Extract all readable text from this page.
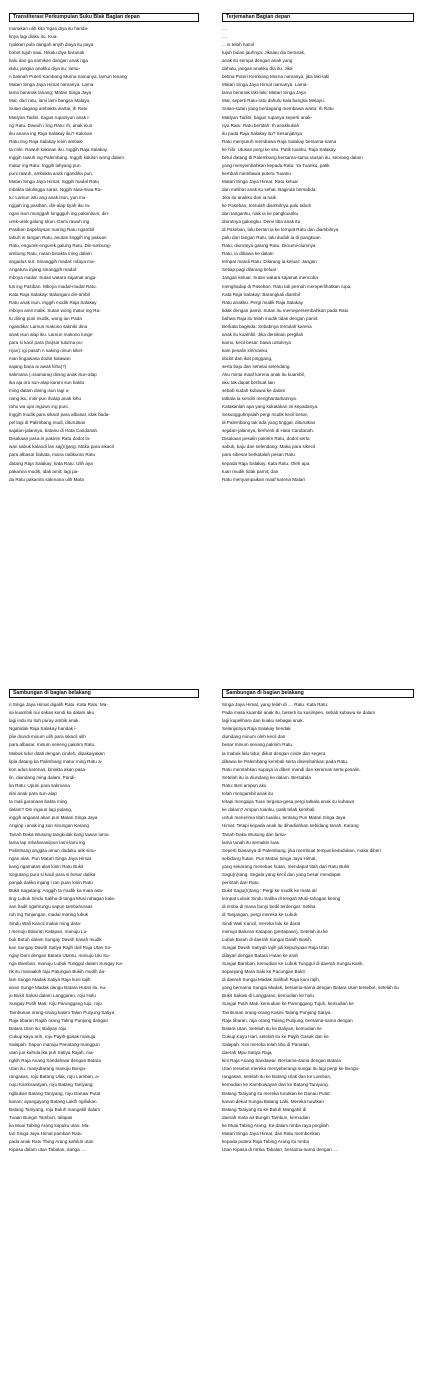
Transliterasi Perkumpulan Suku Blak Bagian depan
manakan ulih kita 'ngan diya itu handa-
knya lagi diaku itu. Kua-
njukkan pula dangah anyih diaya itu paya
bobot tujuh saai. Hikalu diya baranak
kalu dan ga samikan dangan anak nga
dulu, jangan anakku diya itu; lamu-
n batinah Puteri Kambang Murna namanya, lamun tenang
Matari Singa Jaya Himat namanya. Lama
lama baranak lanang; Matari Singa Jaya
Mat, dari ratu, lami lami bangsa Malayu,
Sutan dagang ambakta wartar, ih Ratu
Matiyan Tadini, bagus rupaniyun anak i-
ng Ratu. Dawuh i ling Ratu: Ih, anak isun
iku anana ing Raja Salakay iku? Kakinan
Ratu ring Raja Salakay kinin ambak-
ta mile. Rawuh kakinan iku. Inggih Raja Salakay.
Inggih rawuh ing Palembang. Inggih kakinin wong dalam
matur ing Ratu: Inggih lahyang pun
puni rawuh, ambakta anak ngandika pun,
Matari Singa Jaya Himat, Inggih madal Ratu
mbakta talulingga saras. Nggih siwa-siwa Ra-
tu: Lamun istu ang anak isun, yan mu-
nggah ing pasiban, din-alap tiyah iku ra-
ngan isun munggah lunggguh ing pakonisun, din-
urek-urek galung nkun. Dami rawuh ing
Pasiban bapelaysan maring Ratu ngambil
tabuh in tangan Ratu, anutan linggih ing pakuan
Ratu, engurek-engurek galung Ratu. Din-ambung-
ambung Ratu, nutan binakta ming dalam
angadus sut. Sinanggih madal: ndaya ma-
Angatura injang sinanggih madal:
mboya madal. Sutan watara sajamat anga-
tus ing Pasiban. Mboya madal-madal Ratu.
Kata Raja Salakay: Balangani din-ambil
Ratu anak isun. Inggih mudik Raja Salakay
mboya amit malik. Sutan wong matur ing Ra-
tu diring puni mudik, wong ian Pada
ngandika: Lamun makono sakniki dina
anak isun alap iku. Lamun makono lunge
para si kacil para (ba)sar tuturna pu-
n(an): igi pasah n saking ninun kikiri-
man lingawasa dodot kalawan
sajang bana ai awak kiha(?)
sakmana (=isamana) dining anak isun-alap
ika aja ora sun-alap karani sun bakta
ming dalam dining isun lagi u-
nang iku, mitir pun ihalap anak kihu
rahu wa ujar inguwn ing puni.
Inggih mudik para sikacil para albasar, idak bada-
pel lagi di Palimbang mudi, diturutkan
sajalan-jalannya, batanu di Hata Candanah.
Disakaan pasa.ln pakirim Ratu dodot la-
wan sabuk kalandi lan saj(n)jang. Maka para sikacil
para albasar bakata, mana radikuran Ratu
datang Raja Salakay; kata Ratu: Ulih aya
pakanira mudik, idak amit: lagi pa-
da Ratu pakanira sakmana ulih Mata
Terjemahan Bagian depan
....
....
... is telah hamil
tujuh bulan jauhnya. Jikalau dia beranak,
anak itu serupa dengan anak yang
dahulu, jangan anakku dia itu. Jika
betina Puteri Kembang Murna namanya, jika laki-laki
Matari Singa Jaya Himat namanya. Lama-
lama beranak laki-laki; Matari Singa Jaya
Mat, seperti Ratu-ratu dahulu kala bangsa Melayu.
Sutan-sutan yang berdagang membawa warta: Ih Ratu
Matiyan Tadini, bagus rupanya seperti anak-
nya Ratu. Ratu bertitah: Ih anakkukah
itu pada Raja Salakay itu? Sesanjatnya
Ratu menyuruh membawa Raja Salakay bersama-sama
ke hilir. Utusan pergi ke situ. Patik tuanku, Raja Salakay
betul datang di Palembang bersama-sama utusan itu, seorang dalam
yang menyembahkan kepada Ratu: Ya Tuanku, patik
kembali membawa putera Tuanku
Matari Singa Jaya Himat. Ratu keluar
dan melihat anak itu sehat. Baginda bersabda:
Jika itu anakku dan ia naik
ke Paseban, tentulah diambilnya palu tabuh
dari tanganku, naik ia ke pangkuanku
diurutnya galungku. Demi tiba anak itu
di Paseban, lalu berlari ia ke tempat Ratu dan diambilnya
palu dari tangan Ratu, lalu duduk ia di pangkuan
Ratu, diurutnya galung Ratu. Diciumi-ciumnya
Ratu, ia dibawa ke dalam
tempat mandi Ratu. Dilarang ia keluar: Jangan
Setiap pagi dilarang keluar:
Jangan keluar. Sutan watara sajamat mencoba
menghadap di Paseban. Ratu tak pernah memperlihatkan rupa.
Kata Raja Salakay: Barangkali diambil
Ratu anakku. Pergi mudik Raja Salakay
tidak dengan pamit. Sutan itu memepersembahkan pada Ratu
bahwa Raja itu telah mudik tidak dengan pamit.
Berkata baginda: Sebabnya tentulah karena
anak itu kuambil. Jika demikian pergilah
kamu, kecil besar, bawa untuknya
kain pesalin kirimanku,
dodot dan ikat pinggang,
serta baju dan sehelai selendang.
Aku minta maaf karena anak itu kuambil,
aku tak dapat berbuat lain
sebab sudah kubawa ke dalam
tatkala ia sendiri menghantarkannya.
Katakanlah apa yang kukatakan ini kepadanya.
Sesungguhnyalah pergi mudik kecil besar,
di Palembang tak ada yang tinggal, diturutkan
sejalan-jalannya, berhenti di Hata Candanah.
Disakaan pesalin pakirim Ratu, dodot serta
sabuk, baju dan selendang. Maka para sikecil
para sibesar berkatalah pesan Ratu
kepada Raja Salakay. Kata Ratu: Oleh apa
tuan mudik tidak pamit; dan
Ratu menyampaikan maaf karena Matari
Sambungan di bagian belakang
ri Singa Jaya Himat digalih Ratu. Kata Ratu: Ma-
sa kuambik nui sakan kundi ka dalam aku
lagi indu itu ituh puray ambik anak.
Ngahidak Raja Salakay handak i-
plie diundi minum ulih para sikacil ulih
para albasar, minum seneng pakirim Ratu.
Mabuk tidur ditati dengan cindeh, dipakaiyakan
lipla datang ka Palimbang matur ming Ratu a-
kon adus karenas, binakta akan pasa-
lin, diundang ming dalam. Pandi-
ka Ratu: Upuni para sakmana
dini anak para sun-alap
ta mali garanaan bakta ming
dalam? Din inguun lagi pulang,
inggih anganat akan pun Matari Singa Jaya
Anginp i anak ing san sinungan Karang
Tanah Daka Wusung tangkulak kang tawan lama
lama lap mbaharaniipun lami-lami ing
Palimbang anggita amun dadaku arik sinu-
ngan alas. Pun Matari Singa Jaya Himat
kang ngamatas alas kinin Ratu Bukit
Segutang pura si kacil para si besar dalika
panjak dalika injang i ran puan kinin Ratu
Bukit Sagutang: Anggih ta mudik ka mata asa-
ting Lubuk Sindu Saliha di tanga Musi rahagan kala-
san badil ngahrungu sapun tambahuraas
ruh ing Tanjangan, madal maring lubuk
Sindu Wali Kancil malas ming dara-
t menuju Baluran Katapan, manuju Lu-
buk Butuh dalam Sungay Dawih basah mudik
kan Sungay Dawih Satiya Rajih dull Raja Utan Su-
ngay Dani dengan Batara Utantu, manuju Ulu Su-
nga Bamban, manuju Lubuk Tunggul dalam Sungay Ka-
rik itu manaakih raju Patungan Bukih mudih da-
lam Sunge Madak Satiya Raja kuni rajih
anan Sunge Madak dangu Batara Hutan itu, nu-
ju Bukit Salusi dalam Langgaran, roju Hulu
Sungay Putih Mati, roju Parunggang tuju, roju
Tambunan orang-orang kasini Talan Punjung Satiya
Raja tibaran Rajah orang Taling Punjung dangan
Batara Utan itu; Baliyan roju
Cukup kayu.arih, roju Payih-gasak manuju
Salapah. Sapun manuju Panatang-manggun
utan jun kahula ika puh Satiya Rajah, ma-
ngkih Raja Anang Sandahwar dengan Batara
Utan itu, manjubarang manuju Bungu-
rangasan, roju Batang Ulak, roju Lamban, a-
nuju Kambuwayan, roju Batang Taniyang;
ngiliukan Batang Taniyang, roju Danaw Putat
kanan; ayangayang Batang Lakih ngiliukan
Batang Taniyang, roju Buluh mangahil dalam
Tuaan Bungin Tambun, talapas
ka Muai Tabing Arang kapuku utan. Ma-
tari Singa Jaya Himat pambari Ratu
pada anak Ratu Tbing Arang kahiluh utan
Kipasa dalam utan Tabalan, danga ....
Sambungan di bagian belakang
Singa Jaya Himat, yang telah di .... Ratu. Kata Ratu:
Pada masa kuambil anak itu, beserti itu kusimpen, sebab kubawa ke dalam
lagi kupelihara dan kuaku sebagai anak.
Selanjutnya Raja Salakay hendak
diundang minum oleh kecil dan
besar minum senang pakirim Ratu.
la mabuk lalu tidur, diikat dengan cinde dan segera
dibawa ke Palembang kembali serta disembahkan pada Ratu.
Ratu memtahkan supaya ia diberi mandi dan keramas serta pesalin.
Setelah itu ia diundang ke dalam. Bersabda
Ratu: Beri ampun aku
telah mengambil anak itu
tetapi mengapa Tuan tergesa-gesa pergi tatkala anak itu kubawa
ke dalam? Ampun tuanku, patik telah kembali
untuk menerima titah tuanku, tentang Pun Matari Singa Jaya
Himat. Tetapi kepada anak itu dihadiahkan sebidang tanah. Karang
Tanah Daka Wusung dan lama-
lama tanah itu semakin luas.
Seperti biasanya di Palembang, jika membuat tempat kedudukan, maka diberi
sebidang hutan. Pun Matari Singa Jaya Himat,
yang sekarang menebas hutan, mendapat titah dari Ratu Bukit
Sagu(n)tang. Segala yang kecil dan yang besar mendapat
perintah dari Ratu
Bukit Sagu(n)tang : Pergi ke mudik ke mata air
tempat Lubuk Sindu Saliha di tengah Musi-rahagan kering
di rimba di mana bunyi bedil terdengar. Setiba
di Tanjangan, pergi mereka ke Lubuk
Sindi Wali Kancil, mereka lalu ke darat
menuju Baluran Katapan (pertapaan). Setelah itu ke
Lubuk Butuh di daerah Sungai Dawih Basih.
Sungai Dawih Satiyah lajih juli kepunyaan Raja Utan
dilayari dengan Batara Hutan ke arah
Sungai Bamban, kemudian ke Lubuk Tunggul di daerah Sungai Karik,
sepanjang Mara Saki ke Pacungan Bukit
di daerah Sungai Madak Salihah Raja kuni rajih,
yang bernama Sungai Madak, bersama-sama dengan Batara Utan tersebut, setelah itu
Bukit Sakasi di Langgaran, kemudian ke hulu
Sungai Putih Mati. kemudian ke Pamnggang Tujuh, kemudian ke
Tambunan orang-orang Kasini Talang Punjung Satiya.
Raja tibaran, raja orang Talang Punjung, bersama-sama dengan
Batara Utan. Setelah itu ke Baliyan, kemudian ke
Cukup Kayu Hari, setelah itu ke Payih Gasak dan ke
Salapah. Kini mereka telah tiba di Panatan,
daerah Mpu Satiya Raja,
kini Raja Anang Sandawar. Bersama-sama dengan Batara
Utan tersebut mereka menyeberangi sungai itu lagi pergi ke Bungu-
rangasan, setelah itu ke Batang Ulak dan ke Lamban,
kemudian ke Kambuwayan dan ke Batang Taniyang.
Batang Taniyang itu mereka turutkan ke Danau Putat
kanan dekat Sungai Batang Laki. Mereka turutkan
Batang Taniyang itu ke Buluh Mangahil di
daerah mata air Bungin Tambun, kemudian
ke Muai Tabing Arang. Ke dalam rimba raya pergilah
Matari Singa Jaya Himat, dan Ratu memberikan
kepada putera Raja Tabing Arang itu rimba
Utan Kipasa di rimba Tabalan, bersama-sama dengan ....
